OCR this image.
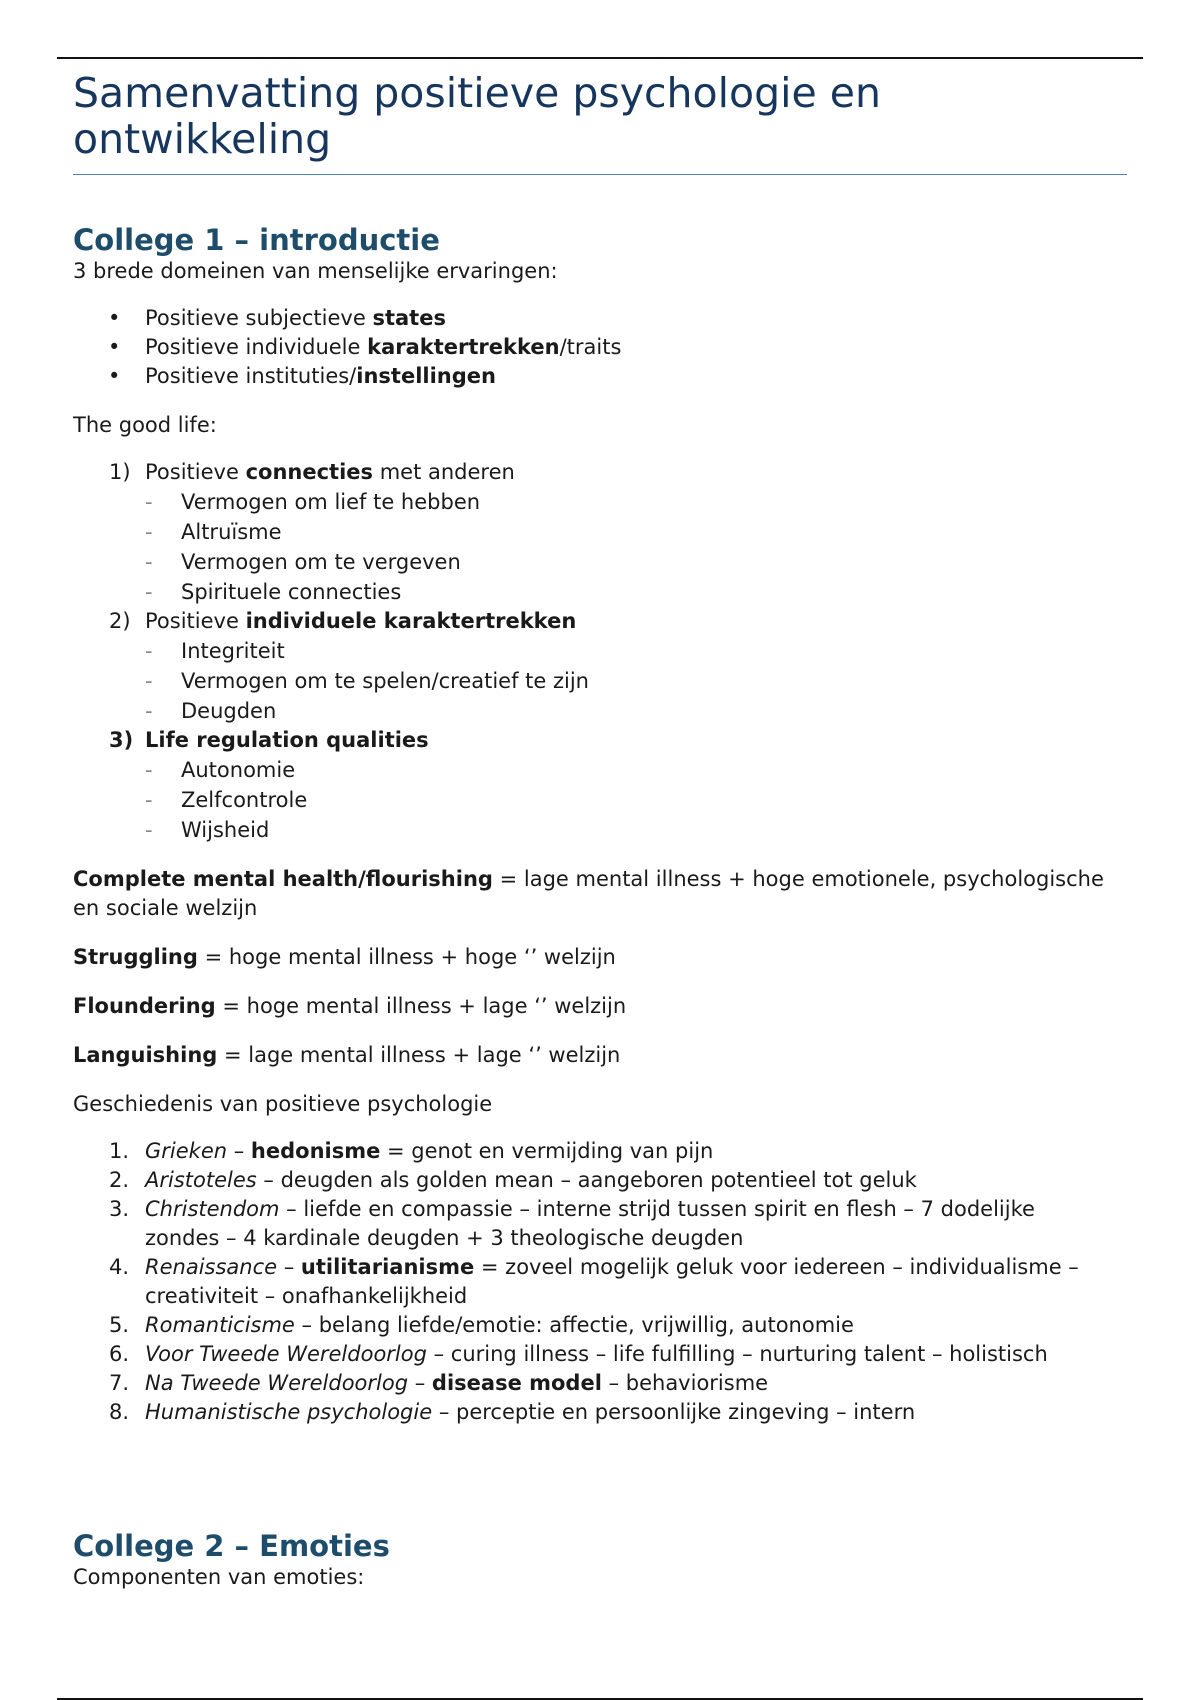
Samenvatting positieve psychologie en ontwikkeling
College 1 – introductie

3 brede domeinen van menselijke ervaringen:

• Positieve subjectieve states
• Positieve individuele karaktertrekken/traits
• Positieve instituties/instellingen

The good life:

1) Positieve connecties met anderen
- Vermogen om lief te hebben
- Altruïsme
- Vermogen om te vergeven
- Spirituele connecties
2) Positieve individuele karaktertrekken
- Integriteit
- Vermogen om te spelen/creatief te zijn
- Deugden
3) Life regulation qualities
- Autonomie
- Zelfcontrole
- Wijsheid

Complete mental health/flourishing = lage mental illness + hoge emotionele, psychologische en sociale welzijn

Struggling = hoge mental illness + hoge ‘’ welzijn

Floundering = hoge mental illness + lage ‘’ welzijn

Languishing = lage mental illness + lage ‘’ welzijn

Geschiedenis van positieve psychologie

1. Grieken – hedonisme = genot en vermijding van pijn
2. Aristoteles – deugden als golden mean – aangeboren potentieel tot geluk
3. Christendom – liefde en compassie – interne strijd tussen spirit en flesh – 7 dodelijke zondes – 4 kardinale deugden + 3 theologische deugden
4. Renaissance – utilitarianisme = zoveel mogelijk geluk voor iedereen – individualisme – creativiteit – onafhankelijkheid
5. Romanticisme – belang liefde/emotie: affectie, vrijwillig, autonomie
6. Voor Tweede Wereldoorlog – curing illness – life fulfilling – nurturing talent – holistisch
7. Na Tweede Wereldoorlog – disease model – behaviorisme
8. Humanistische psychologie – perceptie en persoonlijke zingeving – intern
College 2 – Emoties

Componenten van emoties:
